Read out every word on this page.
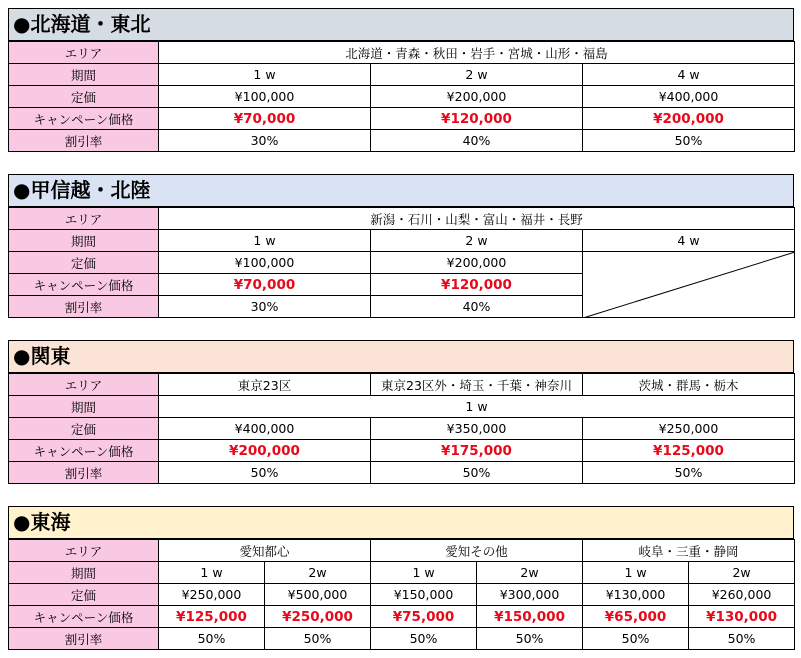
●北海道・東北
エリア	北海道・青森・秋田・岩手・宮城・山形・福島		
期間	1 w	2 w	4 w
定価	¥100,000	¥200,000	¥400,000
キャンペーン価格	¥70,000	¥120,000	¥200,000
割引率	30%	40%	50%
●甲信越・北陸
エリア	新潟・石川・山梨・富山・福井・長野		
期間	1 w	2 w	4 w
定価	¥100,000	¥200,000	

キャンペーン価格	¥70,000	¥120,000	
割引率	30%	40%	
●関東
エリア	東京23区	東京23区外・埼玉・千葉・神奈川	茨城・群馬・栃木
期間	1 w		
定価	¥400,000	¥350,000	¥250,000
キャンペーン価格	¥200,000	¥175,000	¥125,000
割引率	50%	50%	50%
●東海
エリア	愛知都心		愛知その他		岐阜・三重・静岡	
期間	1 w	2w	1 w	2w	1 w	2w
定価	¥250,000	¥500,000	¥150,000	¥300,000	¥130,000	¥260,000
キャンペーン価格	¥125,000	¥250,000	¥75,000	¥150,000	¥65,000	¥130,000
割引率	50%	50%	50%	50%	50%	50%
